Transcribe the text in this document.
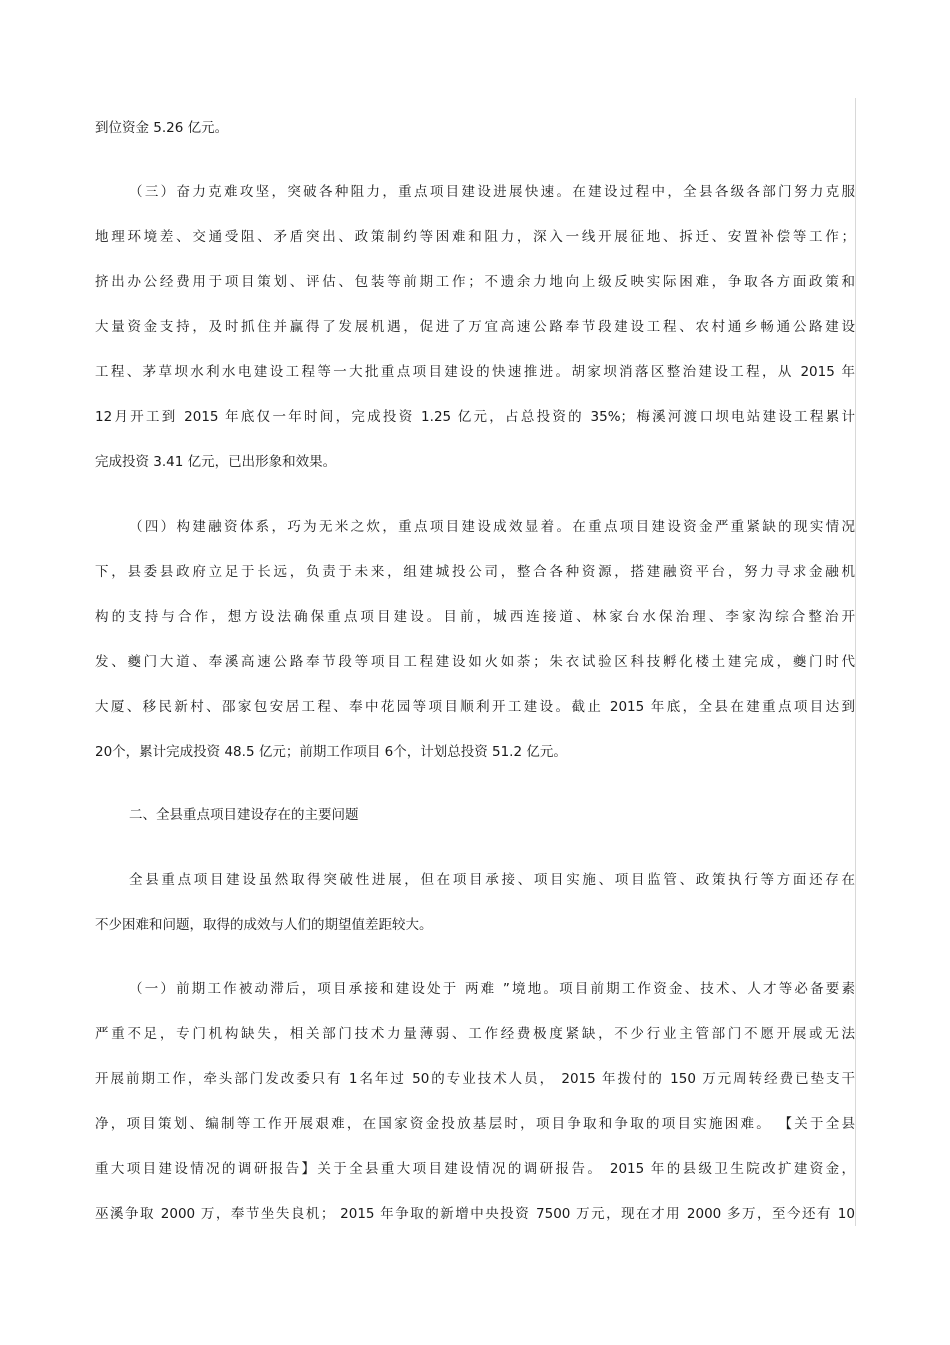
到位资金 5.26 亿元。
（三）奋力克难攻坚，突破各种阻力，重点项目建设进展快速。在建设过程中，全县各级各部门努力克服
地理环境差、交通受阻、矛盾突出、政策制约等困难和阻力，深入一线开展征地、拆迁、安置补偿等工作；
挤出办公经费用于项目策划、评估、包装等前期工作；不遗余力地向上级反映实际困难，争取各方面政策和
大量资金支持，及时抓住并赢得了发展机遇，促进了万宜高速公路奉节段建设工程、农村通乡畅通公路建设
工程、茅草坝水利水电建设工程等一大批重点项目建设的快速推进。胡家坝消落区整治建设工程，从 2015 年
12月开工到 2015 年底仅一年时间，完成投资 1.25 亿元，占总投资的 35%；梅溪河渡口坝电站建设工程累计
完成投资 3.41 亿元，已出形象和效果。
（四）构建融资体系，巧为无米之炊，重点项目建设成效显着。在重点项目建设资金严重紧缺的现实情况
下，县委县政府立足于长远，负责于未来，组建城投公司，整合各种资源，搭建融资平台，努力寻求金融机
构的支持与合作，想方设法确保重点项目建设。目前，城西连接道、林家台水保治理、李家沟综合整治开
发、夔门大道、奉溪高速公路奉节段等项目工程建设如火如荼；朱衣试验区科技孵化楼土建完成，夔门时代
大厦、移民新村、邵家包安居工程、奉中花园等项目顺利开工建设。截止 2015 年底，全县在建重点项目达到
20个，累计完成投资 48.5 亿元；前期工作项目 6个，计划总投资 51.2 亿元。
二、全县重点项目建设存在的主要问题
全县重点项目建设虽然取得突破性进展，但在项目承接、项目实施、项目监管、政策执行等方面还存在
不少困难和问题，取得的成效与人们的期望值差距较大。
（一）前期工作被动滞后，项目承接和建设处于 两难 ”境地。项目前期工作资金、技术、人才等必备要素
严重不足，专门机构缺失，相关部门技术力量薄弱、工作经费极度紧缺，不少行业主管部门不愿开展或无法
开展前期工作，牵头部门发改委只有 1名年过 50的专业技术人员， 2015 年拨付的 150 万元周转经费已垫支干
净，项目策划、编制等工作开展艰难，在国家资金投放基层时，项目争取和争取的项目实施困难。 【关于全县
重大项目建设情况的调研报告】关于全县重大项目建设情况的调研报告。 2015 年的县级卫生院改扩建资金，
巫溪争取 2000 万，奉节坐失良机； 2015 年争取的新增中央投资 7500 万元，现在才用 2000 多万，至今还有 10
